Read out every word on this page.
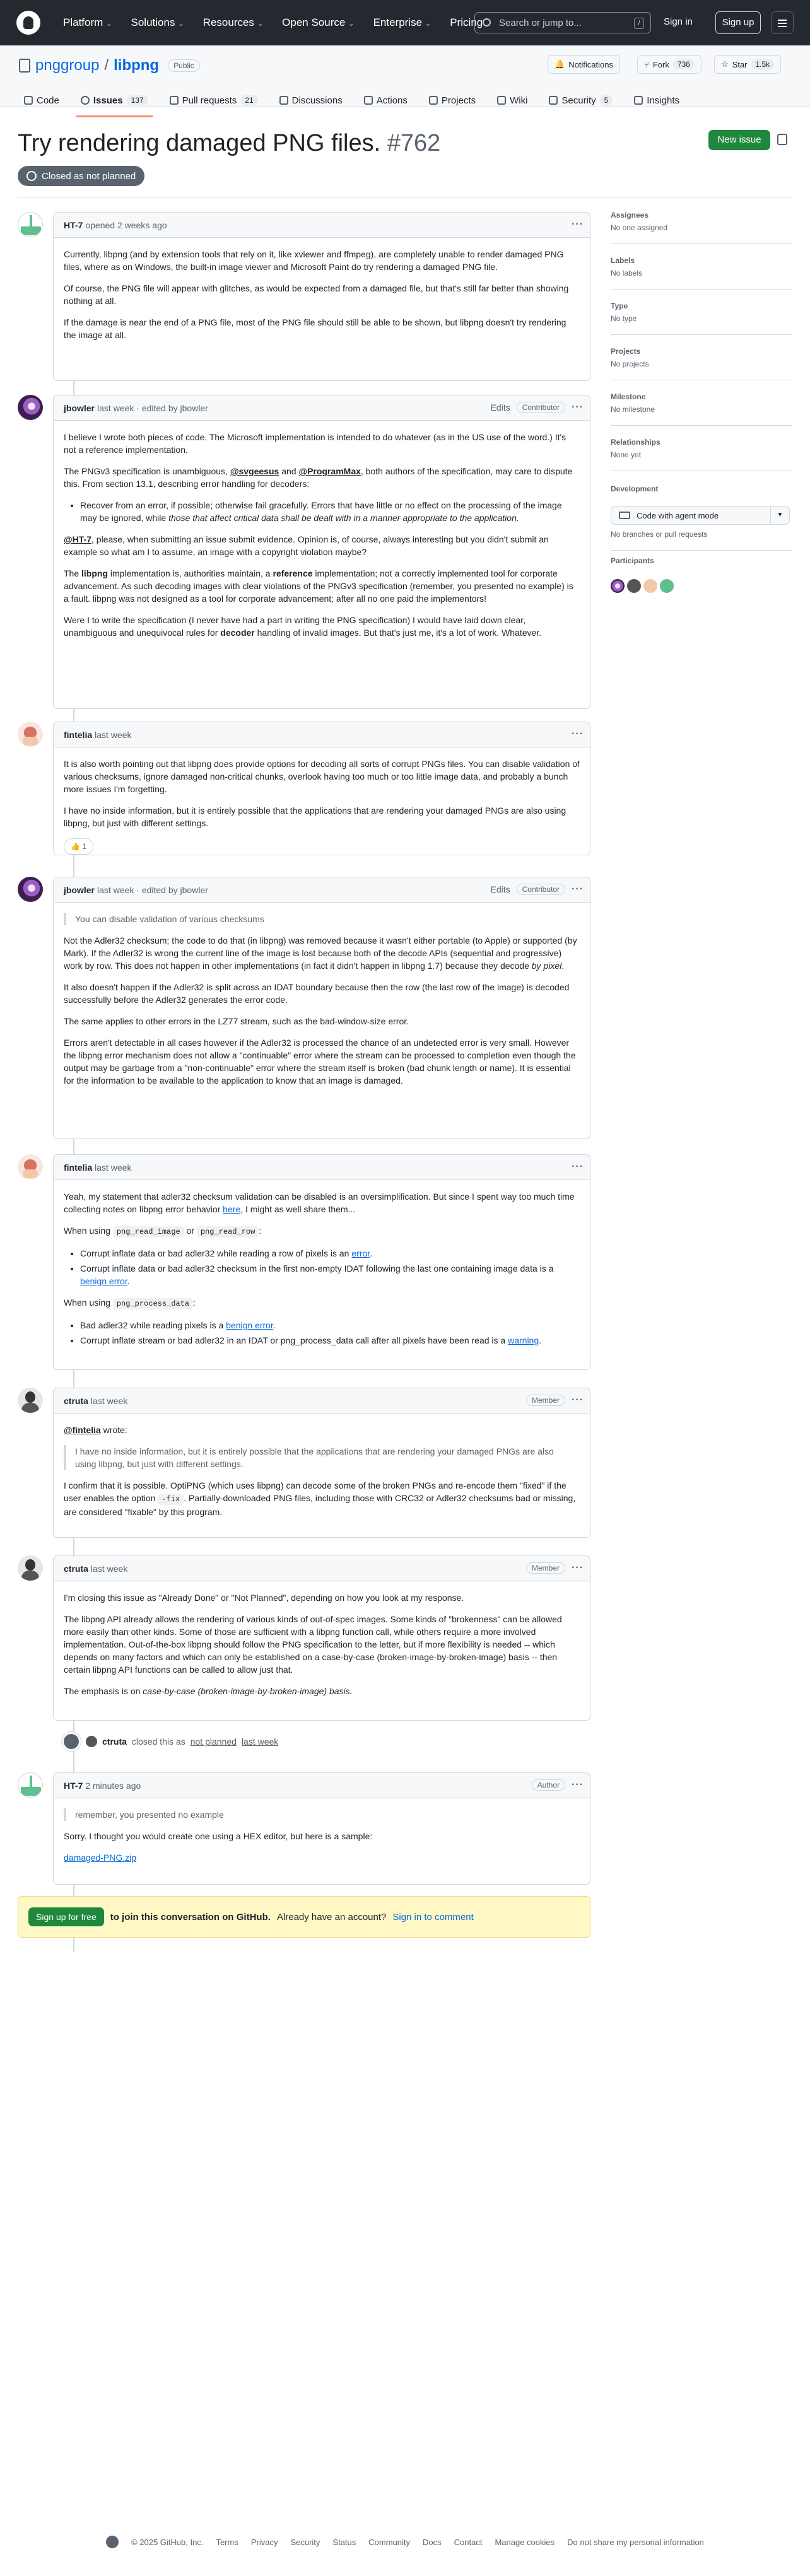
Platform ⌄	Solutions ⌄	Resources ⌄	Open Source ⌄	Enterprise ⌄	Pricing	Search or jump to...	/	Sign in	Sign up
pnggroup / libpng	Public	🔔 Notifications	⑂ Fork	736	☆ Star	1.5k
Code	Issues	137	Pull requests	21	Discussions	Actions	Projects	Wiki	Security	5	Insights
Try rendering damaged PNG files. #762	New issue
Closed as not planned
HT-7 opened 2 weeks ago	···

Currently, libpng (and by extension tools that rely on it, like xviewer and ffmpeg), are completely unable to render damaged PNG files, where as on Windows, the built-in image viewer and Microsoft Paint do try rendering a damaged PNG file.

Of course, the PNG file will appear with glitches, as would be expected from a damaged file, but that's still far better than showing nothing at all.

If the damage is near the end of a PNG file, most of the PNG file should still be able to be shown, but libpng doesn't try rendering the image at all.

jbowler last week · edited by jbowler	Edits	Contributor	···

I believe I wrote both pieces of code. The Microsoft implementation is intended to do whatever (as in the US use of the word.) It's not a reference implementation.

The PNGv3 specification is unambiguous, @svgeesus and @ProgramMax, both authors of the specification, may care to dispute this. From section 13.1, describing error handling for decoders:

• Recover from an error, if possible; otherwise fail gracefully. Errors that have little or no effect on the processing of the image may be ignored, while those that affect critical data shall be dealt with in a manner appropriate to the application.

@HT-7, please, when submitting an issue submit evidence. Opinion is, of course, always interesting but you didn't submit an example so what am I to assume, an image with a copyright violation maybe?

The libpng implementation is, authorities maintain, a reference implementation; not a correctly implemented tool for corporate advancement. As such decoding images with clear violations of the PNGv3 specification (remember, you presented no example) is a fault. libpng was not designed as a tool for corporate advancement; after all no one paid the implementors!

Were I to write the specification (I never have had a part in writing the PNG specification) I would have laid down clear, unambiguous and unequivocal rules for decoder handling of invalid images. But that's just me, it's a lot of work. Whatever.

fintelia last week	···

It is also worth pointing out that libpng does provide options for decoding all sorts of corrupt PNGs files. You can disable validation of various checksums, ignore damaged non-critical chunks, overlook having too much or too little image data, and probably a bunch more issues I'm forgetting.

I have no inside information, but it is entirely possible that the applications that are rendering your damaged PNGs are also using libpng, but just with different settings.

👍 1
jbowler last week · edited by jbowler	Edits	Contributor	···
You can disable validation of various checksums

Not the Adler32 checksum; the code to do that (in libpng) was removed because it wasn't either portable (to Apple) or supported (by Mark). If the Adler32 is wrong the current line of the image is lost because both of the decode APIs (sequential and progressive) work by row. This does not happen in other implementations (in fact it didn't happen in libpng 1.7) because they decode by pixel.

It also doesn't happen if the Adler32 is split across an IDAT boundary because then the row (the last row of the image) is decoded successfully before the Adler32 generates the error code.

The same applies to other errors in the LZ77 stream, such as the bad-window-size error.

Errors aren't detectable in all cases however if the Adler32 is processed the chance of an undetected error is very small. However the libpng error mechanism does not allow a "continuable" error where the stream can be processed to completion even though the output may be garbage from a "non-continuable" error where the stream itself is broken (bad chunk length or name). It is essential for the information to be available to the application to know that an image is damaged.

fintelia last week	···

Yeah, my statement that adler32 checksum validation can be disabled is an oversimplification. But since I spent way too much time collecting notes on libpng error behavior here, I might as well share them...

When using png_read_image or png_read_row :

• Corrupt inflate data or bad adler32 while reading a row of pixels is an error.
• Corrupt inflate data or bad adler32 checksum in the first non-empty IDAT following the last one containing image data is a benign error.

When using png_process_data :

• Bad adler32 while reading pixels is a benign error.
• Corrupt inflate stream or bad adler32 in an IDAT or png_process_data call after all pixels have been read is a warning.
ctruta last week	Member	···

@fintelia wrote:

I have no inside information, but it is entirely possible that the applications that are rendering your damaged PNGs are also using libpng, but just with different settings.

I confirm that it is possible. OptiPNG (which uses libpng) can decode some of the broken PNGs and re-encode them "fixed" if the user enables the option -fix . Partially-downloaded PNG files, including those with CRC32 or Adler32 checksums bad or missing, are considered "fixable" by this program.

ctruta last week	Member	···

I'm closing this issue as "Already Done" or "Not Planned", depending on how you look at my response.

The libpng API already allows the rendering of various kinds of out-of-spec images. Some kinds of "brokenness" can be allowed more easily than other kinds. Some of those are sufficient with a libpng function call, while others require a more involved implementation. Out-of-the-box libpng should follow the PNG specification to the letter, but if more flexibility is needed -- which depends on many factors and which can only be established on a case-by-case (broken-image-by-broken-image) basis -- then certain libpng API functions can be called to allow just that.

The emphasis is on case-by-case (broken-image-by-broken-image) basis.

ctruta closed this as not planned last week
HT-7 2 minutes ago	Author	···
remember, you presented no example

Sorry. I thought you would create one using a HEX editor, but here is a sample:

damaged-PNG.zip
Sign up for free	to join this conversation on GitHub. Already have an account? Sign in to comment
Assignees
No one assigned
Labels
No labels
Type
No type
Projects
No projects
Milestone
No milestone
Relationships
None yet
Development
Code with agent mode	▼
No branches or pull requests
Participants
© 2025 GitHub, Inc. Terms Privacy Security Status Community Docs Contact Manage cookies Do not share my personal information
